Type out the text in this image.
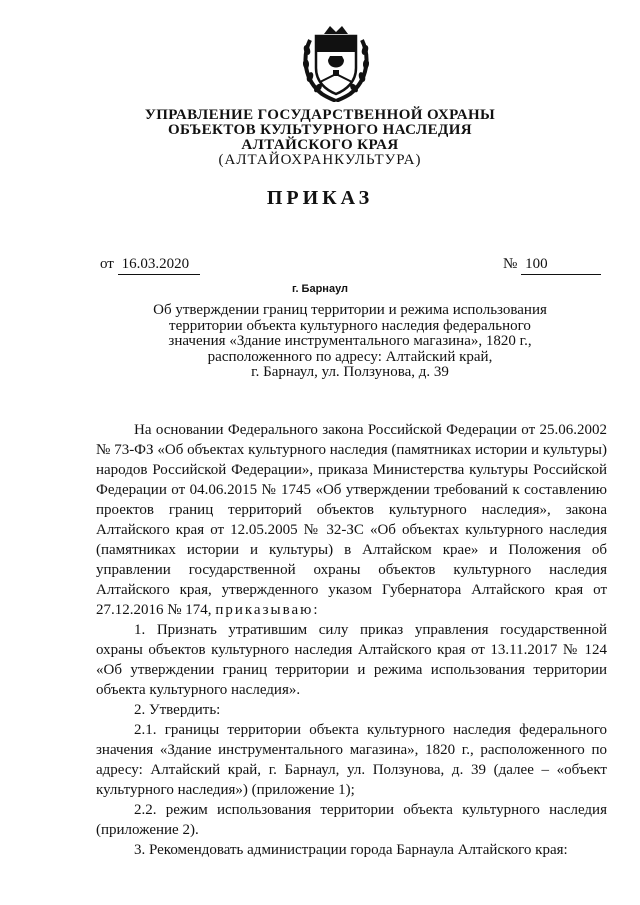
УПРАВЛЕНИЕ ГОСУДАРСТВЕННОЙ ОХРАНЫ
ОБЪЕКТОВ КУЛЬТУРНОГО НАСЛЕДИЯ
АЛТАЙСКОГО КРАЯ
(АЛТАЙОХРАНКУЛЬТУРА)
ПРИКАЗ
от 16.03.2020	№ 100
г. Барнаул
Об утверждении границ территории и режима использования
территории объекта культурного наследия федерального
значения «Здание инструментального магазина», 1820 г.,
расположенного по адресу: Алтайский край,
г. Барнаул, ул. Ползунова, д. 39

На основании Федерального закона Российской Федерации от 25.06.2002 № 73-ФЗ «Об объектах культурного наследия (памятниках истории и культуры) народов Российской Федерации», приказа Министерства культуры Российской Федерации от 04.06.2015 № 1745 «Об утверждении требований к составлению проектов границ территорий объектов культурного наследия», закона Алтайского края от 12.05.2005 № 32-ЗС «Об объектах культурного наследия (памятниках истории и культуры) в Алтайском крае» и Положения об управлении государственной охраны объектов культурного наследия Алтайского края, утвержденного указом Губернатора Алтайского края от 27.12.2016 № 174, приказываю:

1. Признать утратившим силу приказ управления государственной охраны объектов культурного наследия Алтайского края от 13.11.2017 № 124 «Об утверждении границ территории и режима использования территории объекта культурного наследия».

2. Утвердить:

2.1. границы территории объекта культурного наследия федерального значения «Здание инструментального магазина», 1820 г., расположенного по адресу: Алтайский край, г. Барнаул, ул. Ползунова, д. 39 (далее – «объект культурного наследия») (приложение 1);

2.2. режим использования территории объекта культурного наследия (приложение 2).

3. Рекомендовать администрации города Барнаула Алтайского края:
